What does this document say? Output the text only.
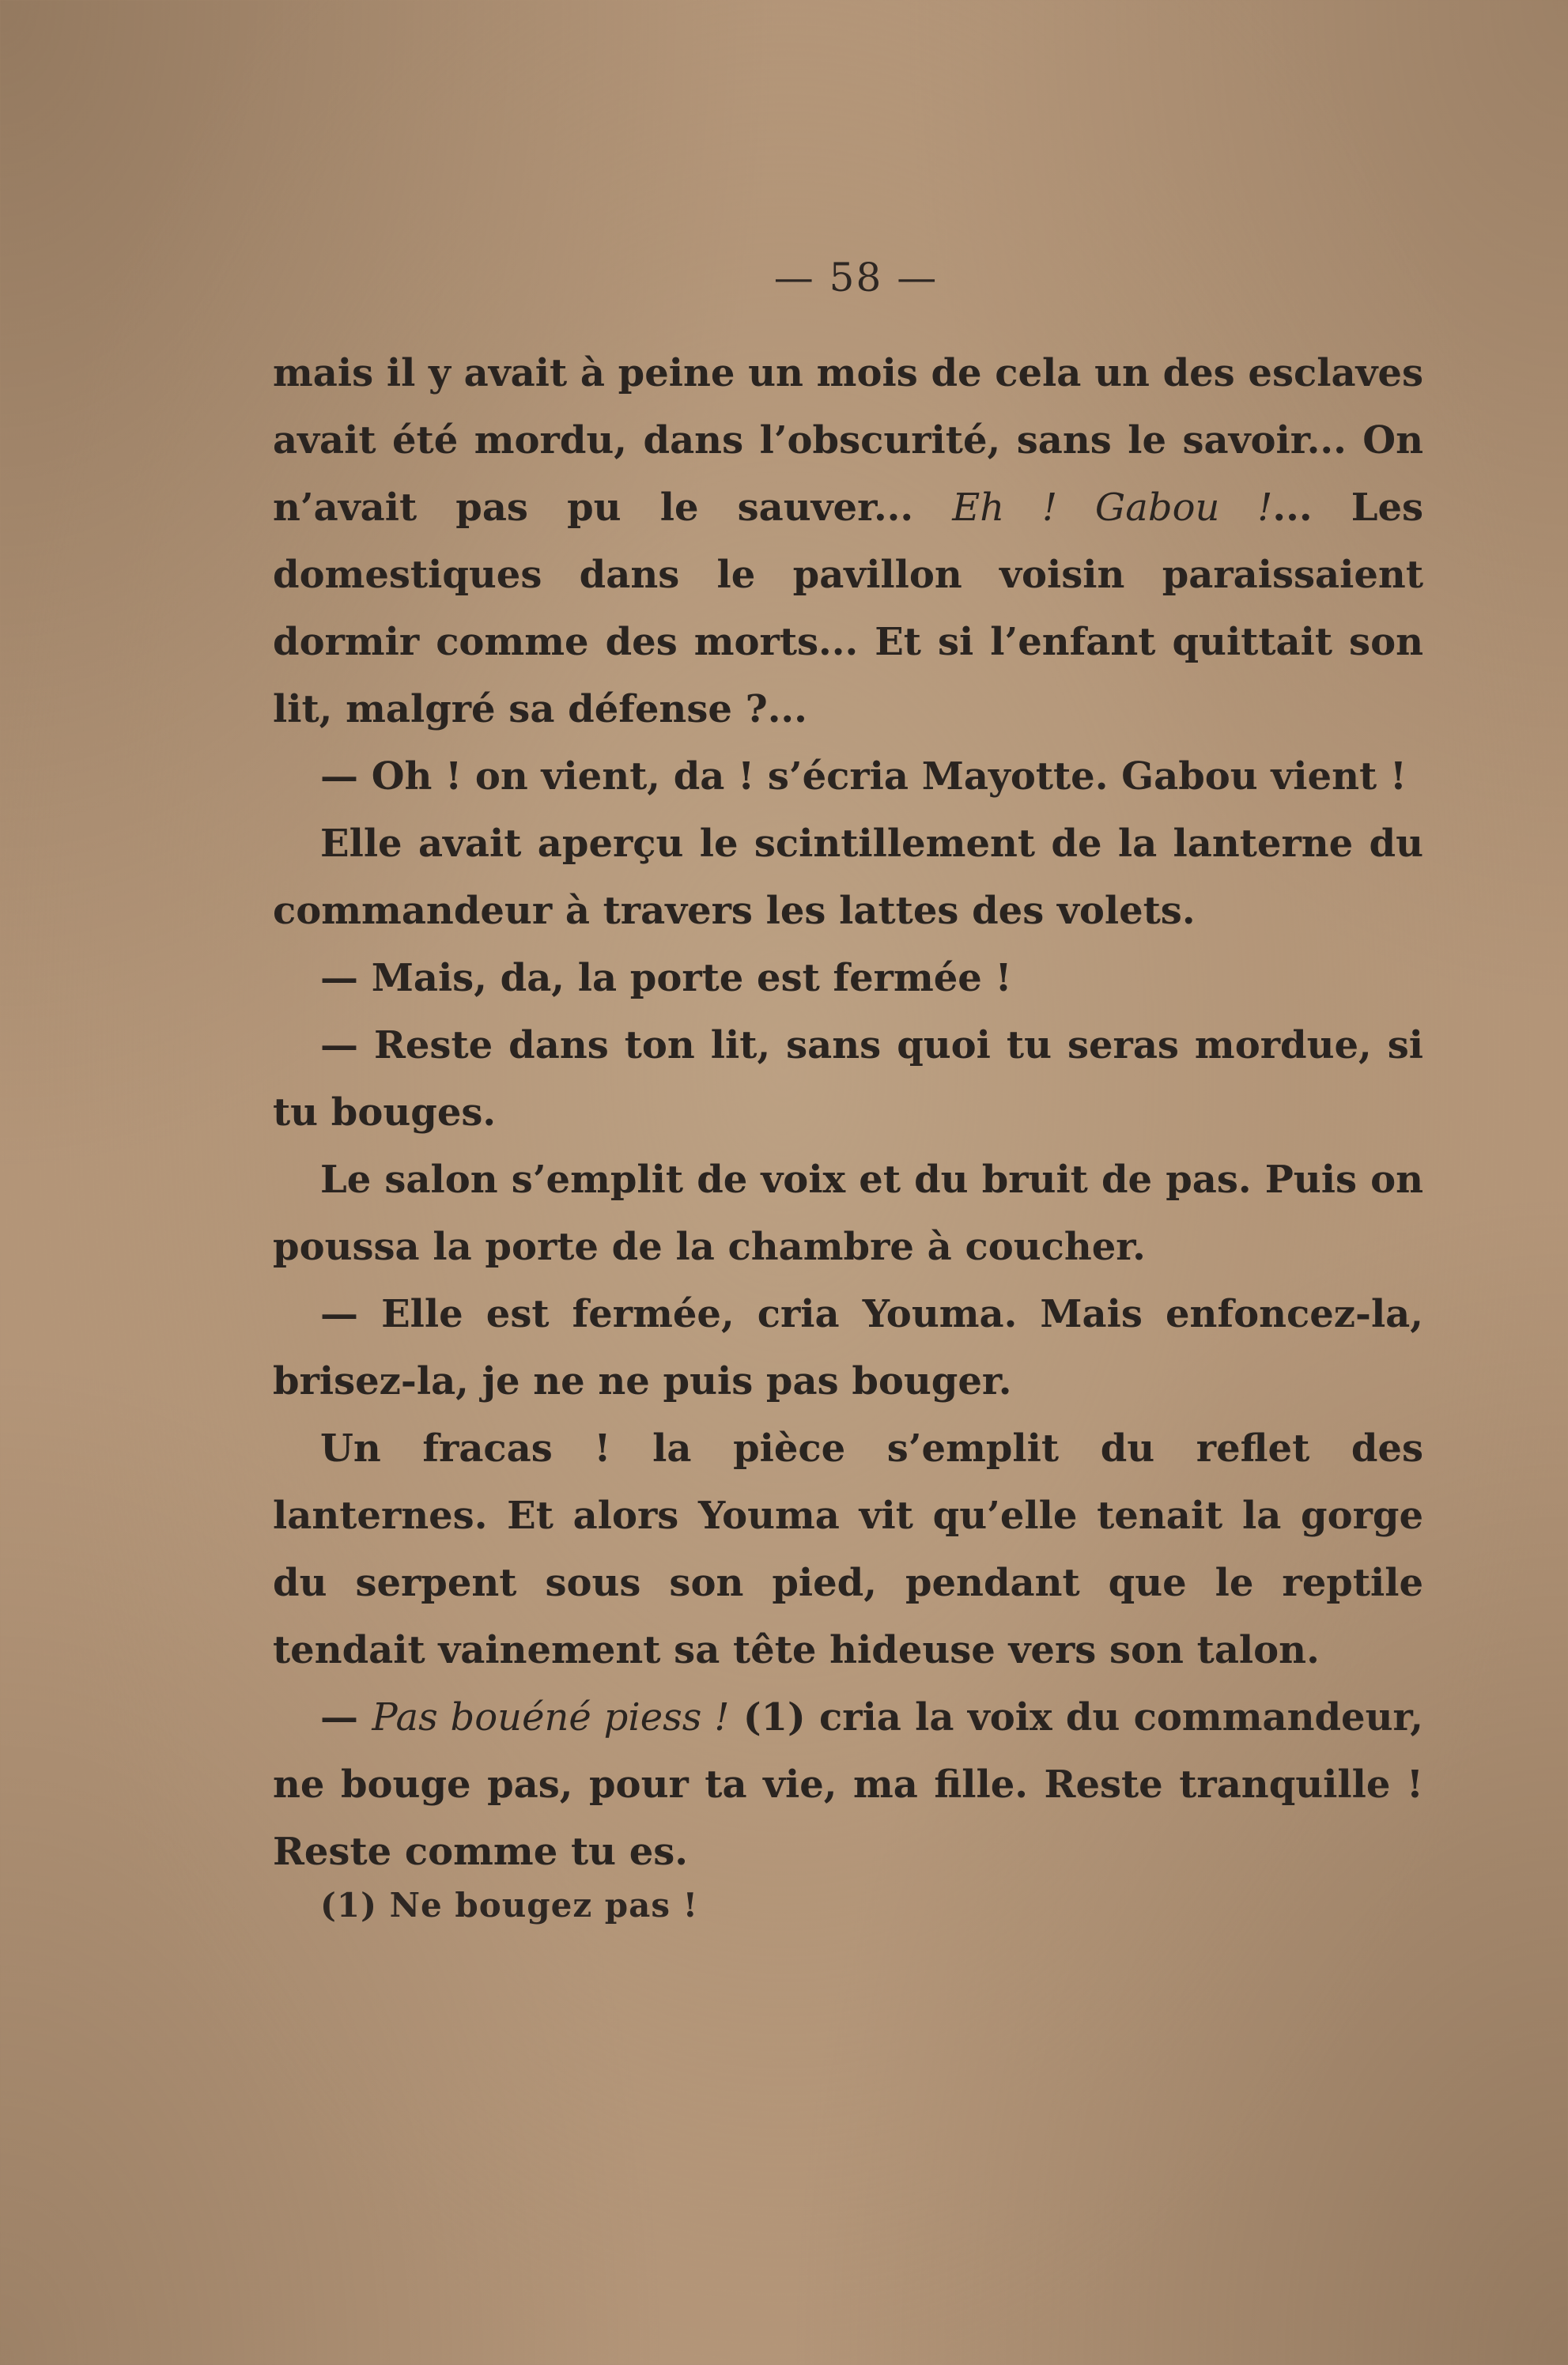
— 58 —

mais il y avait à peine un mois de cela un des esclaves avait été mordu, dans l’obscurité, sans le savoir... On n’avait pas pu le sauver... Eh ! Gabou !... Les domestiques dans le pavillon voisin paraissaient dormir comme des morts... Et si l’enfant quittait son lit, malgré sa défense ?...

— Oh ! on vient, da ! s’écria Mayotte. Gabou vient !

Elle avait aperçu le scintillement de la lanterne du commandeur à travers les lattes des volets.

— Mais, da, la porte est fermée !

— Reste dans ton lit, sans quoi tu seras mordue, si tu bouges.

Le salon s’emplit de voix et du bruit de pas. Puis on poussa la porte de la chambre à coucher.

— Elle est fermée, cria Youma. Mais enfoncez-la, brisez-la, je ne ne puis pas bouger.

Un fracas ! la pièce s’emplit du reflet des lanternes. Et alors Youma vit qu’elle tenait la gorge du serpent sous son pied, pendant que le reptile tendait vainement sa tête hideuse vers son talon.

— Pas bouéné piess ! (1) cria la voix du commandeur, ne bouge pas, pour ta vie, ma fille. Reste tranquille ! Reste comme tu es.

(1) Ne bougez pas !
